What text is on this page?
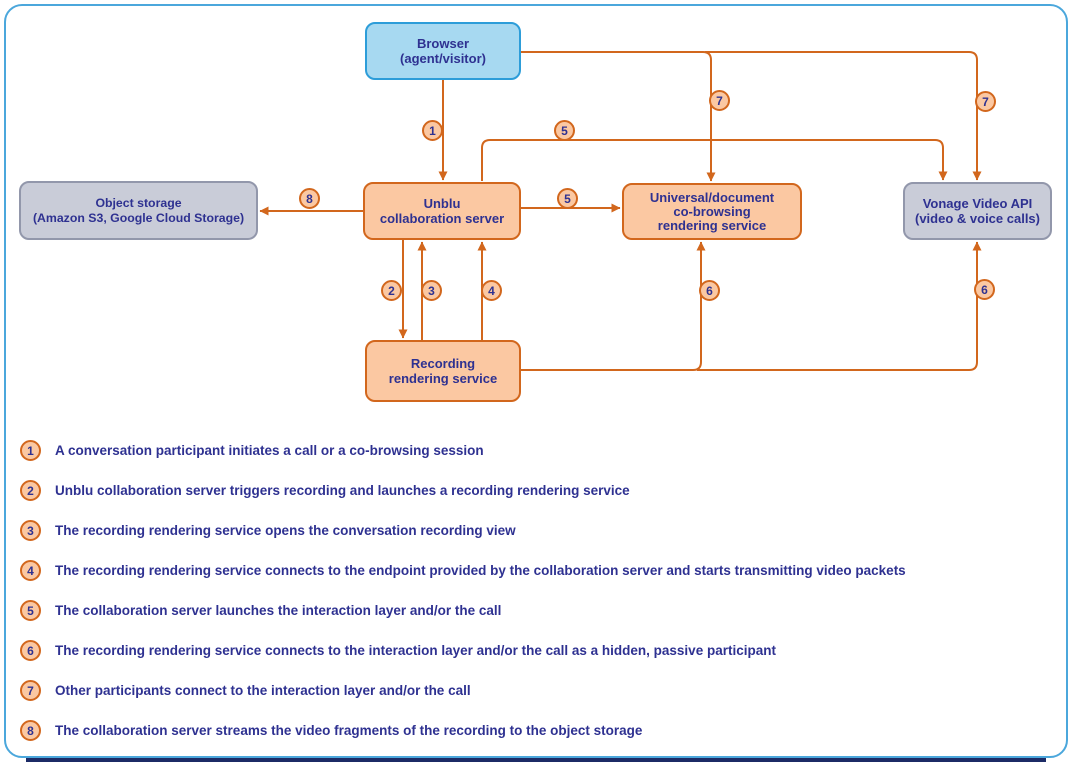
Browser
(agent/visitor)
Object storage
(Amazon S3, Google Cloud Storage)
Unblu
collaboration server
Universal/document
co-browsing
rendering service
Vonage Video API
(video & voice calls)
Recording
rendering service
1
2	3	4
5
5
6	6
7	7
8
1	A conversation participant initiates a call or a co-browsing session
2	Unblu collaboration server triggers recording and launches a recording rendering service
3	The recording rendering service opens the conversation recording view
4	The recording rendering service connects to the endpoint provided by the collaboration server and starts transmitting video packets
5	The collaboration server launches the interaction layer and/or the call
6	The recording rendering service connects to the interaction layer and/or the call as a hidden, passive participant
7	Other participants connect to the interaction layer and/or the call
8	The collaboration server streams the video fragments of the recording to the object storage
